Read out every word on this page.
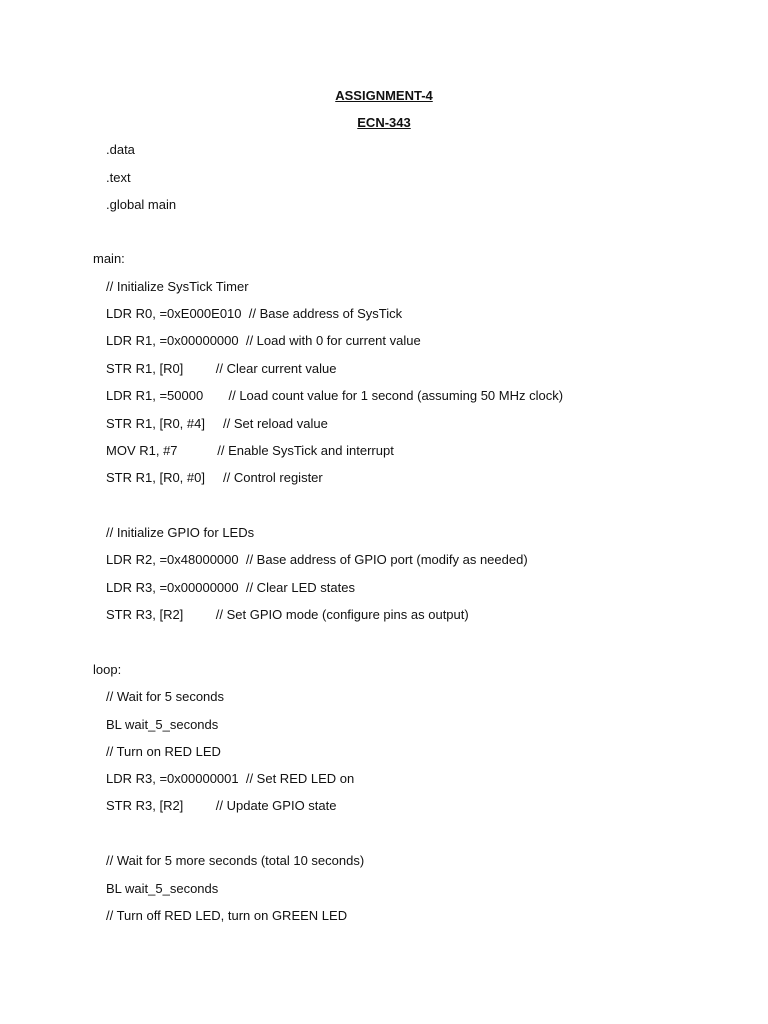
ASSIGNMENT-4
ECN-343
.data
.text
.global main
main:
// Initialize SysTick Timer
LDR R0, =0xE000E010  // Base address of SysTick
LDR R1, =0x00000000  // Load with 0 for current value
STR R1, [R0]         // Clear current value
LDR R1, =50000       // Load count value for 1 second (assuming 50 MHz clock)
STR R1, [R0, #4]     // Set reload value
MOV R1, #7           // Enable SysTick and interrupt
STR R1, [R0, #0]     // Control register
// Initialize GPIO for LEDs
LDR R2, =0x48000000  // Base address of GPIO port (modify as needed)
LDR R3, =0x00000000  // Clear LED states
STR R3, [R2]         // Set GPIO mode (configure pins as output)
loop:
// Wait for 5 seconds
BL wait_5_seconds
// Turn on RED LED
LDR R3, =0x00000001  // Set RED LED on
STR R3, [R2]         // Update GPIO state
// Wait for 5 more seconds (total 10 seconds)
BL wait_5_seconds
// Turn off RED LED, turn on GREEN LED
